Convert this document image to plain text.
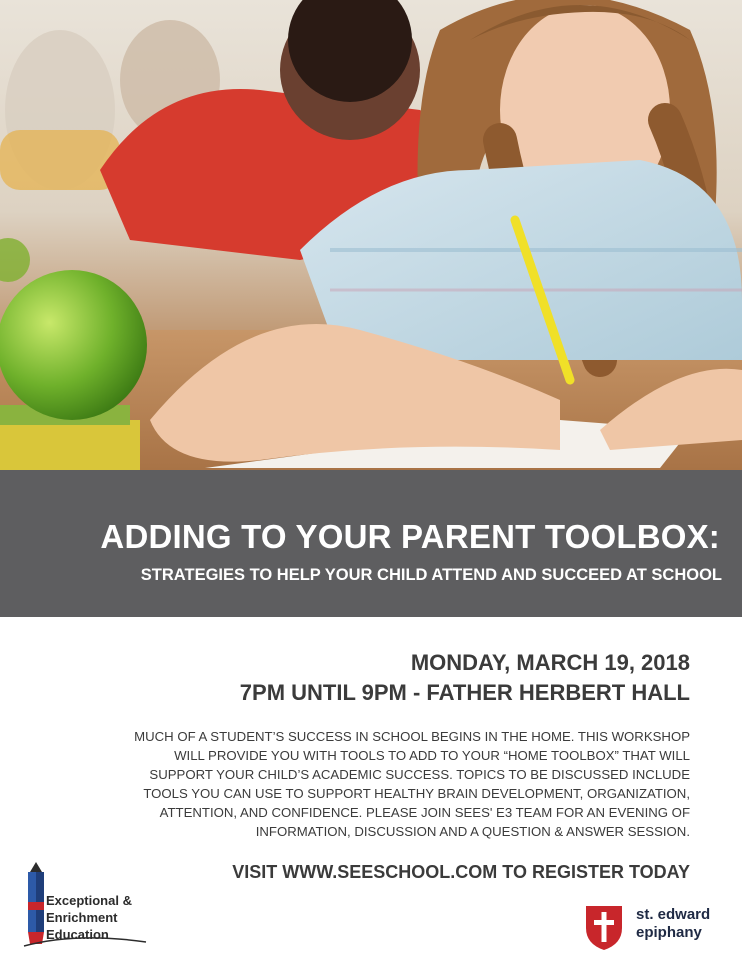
ADDING TO YOUR PARENT TOOLBOX:
STRATEGIES TO HELP YOUR CHILD ATTEND AND SUCCEED AT SCHOOL

MONDAY, MARCH 19, 2018

7PM UNTIL 9PM - FATHER HERBERT HALL

MUCH OF A STUDENT’S SUCCESS IN SCHOOL BEGINS IN THE HOME. THIS WORKSHOP
WILL PROVIDE YOU WITH TOOLS TO ADD TO YOUR “HOME TOOLBOX” THAT WILL
SUPPORT YOUR CHILD’S ACADEMIC SUCCESS. TOPICS TO BE DISCUSSED INCLUDE
TOOLS YOU CAN USE TO SUPPORT HEALTHY BRAIN DEVELOPMENT, ORGANIZATION,
ATTENTION, AND CONFIDENCE. PLEASE JOIN SEES' E3 TEAM FOR AN EVENING OF
INFORMATION, DISCUSSION AND A QUESTION & ANSWER SESSION.

VISIT WWW.SEESCHOOL.COM TO REGISTER TODAY

Exceptional &
Enrichment
Education
st. edward
epiphany
